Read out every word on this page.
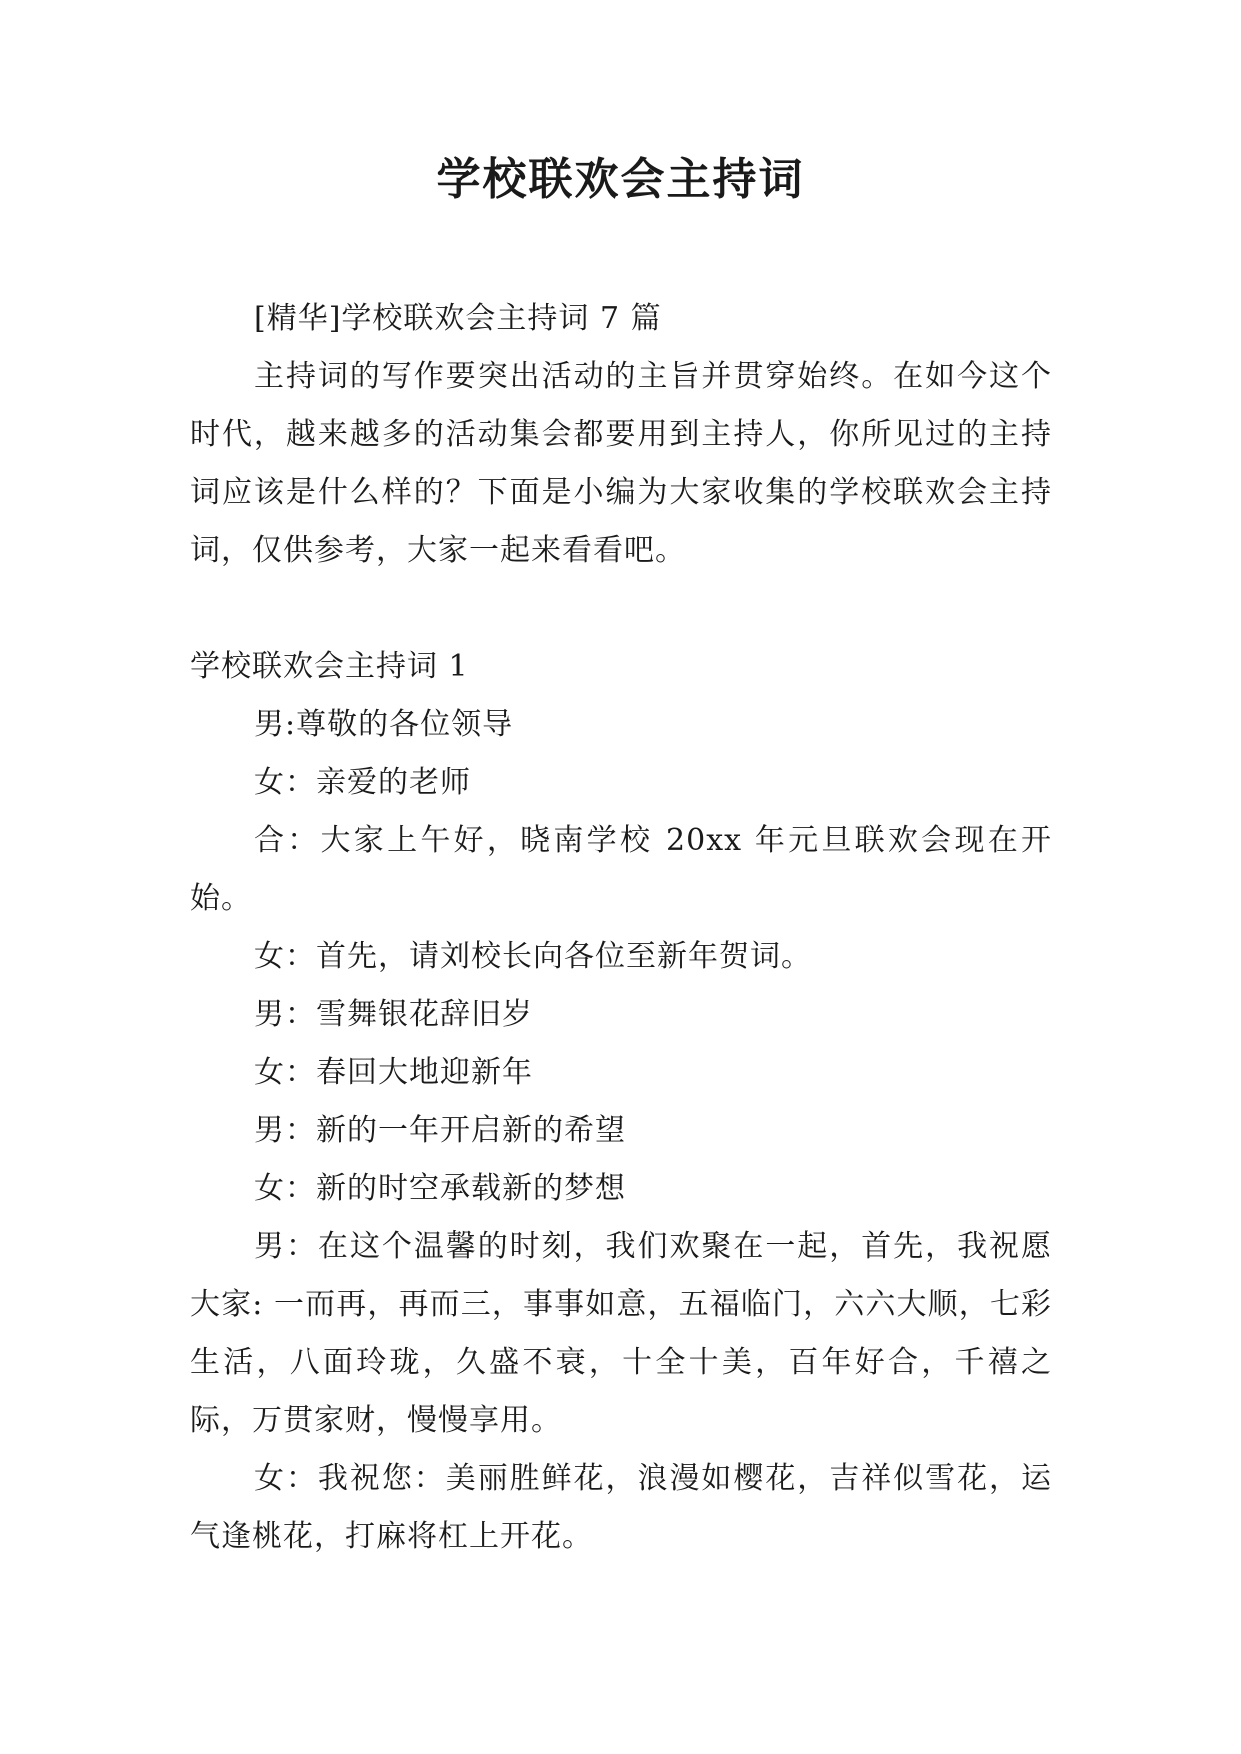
学校联欢会主持词

[精华]学校联欢会主持词 7 篇

主持词的写作要突出活动的主旨并贯穿始终。在如今这个时代，越来越多的活动集会都要用到主持人，你所见过的主持词应该是什么样的？下面是小编为大家收集的学校联欢会主持词，仅供参考，大家一起来看看吧。

学校联欢会主持词 1

男:尊敬的各位领导

女：亲爱的老师

合：大家上午好，晓南学校 20xx 年元旦联欢会现在开始。

女：首先，请刘校长向各位至新年贺词。

男：雪舞银花辞旧岁

女：春回大地迎新年

男：新的一年开启新的希望

女：新的时空承载新的梦想

男：在这个温馨的时刻，我们欢聚在一起，首先，我祝愿大家: 一而再，再而三，事事如意，五福临门，六六大顺，七彩生活，八面玲珑，久盛不衰，十全十美，百年好合，千禧之际，万贯家财，慢慢享用。

女：我祝您：美丽胜鲜花，浪漫如樱花，吉祥似雪花，运气逢桃花，打麻将杠上开花。
